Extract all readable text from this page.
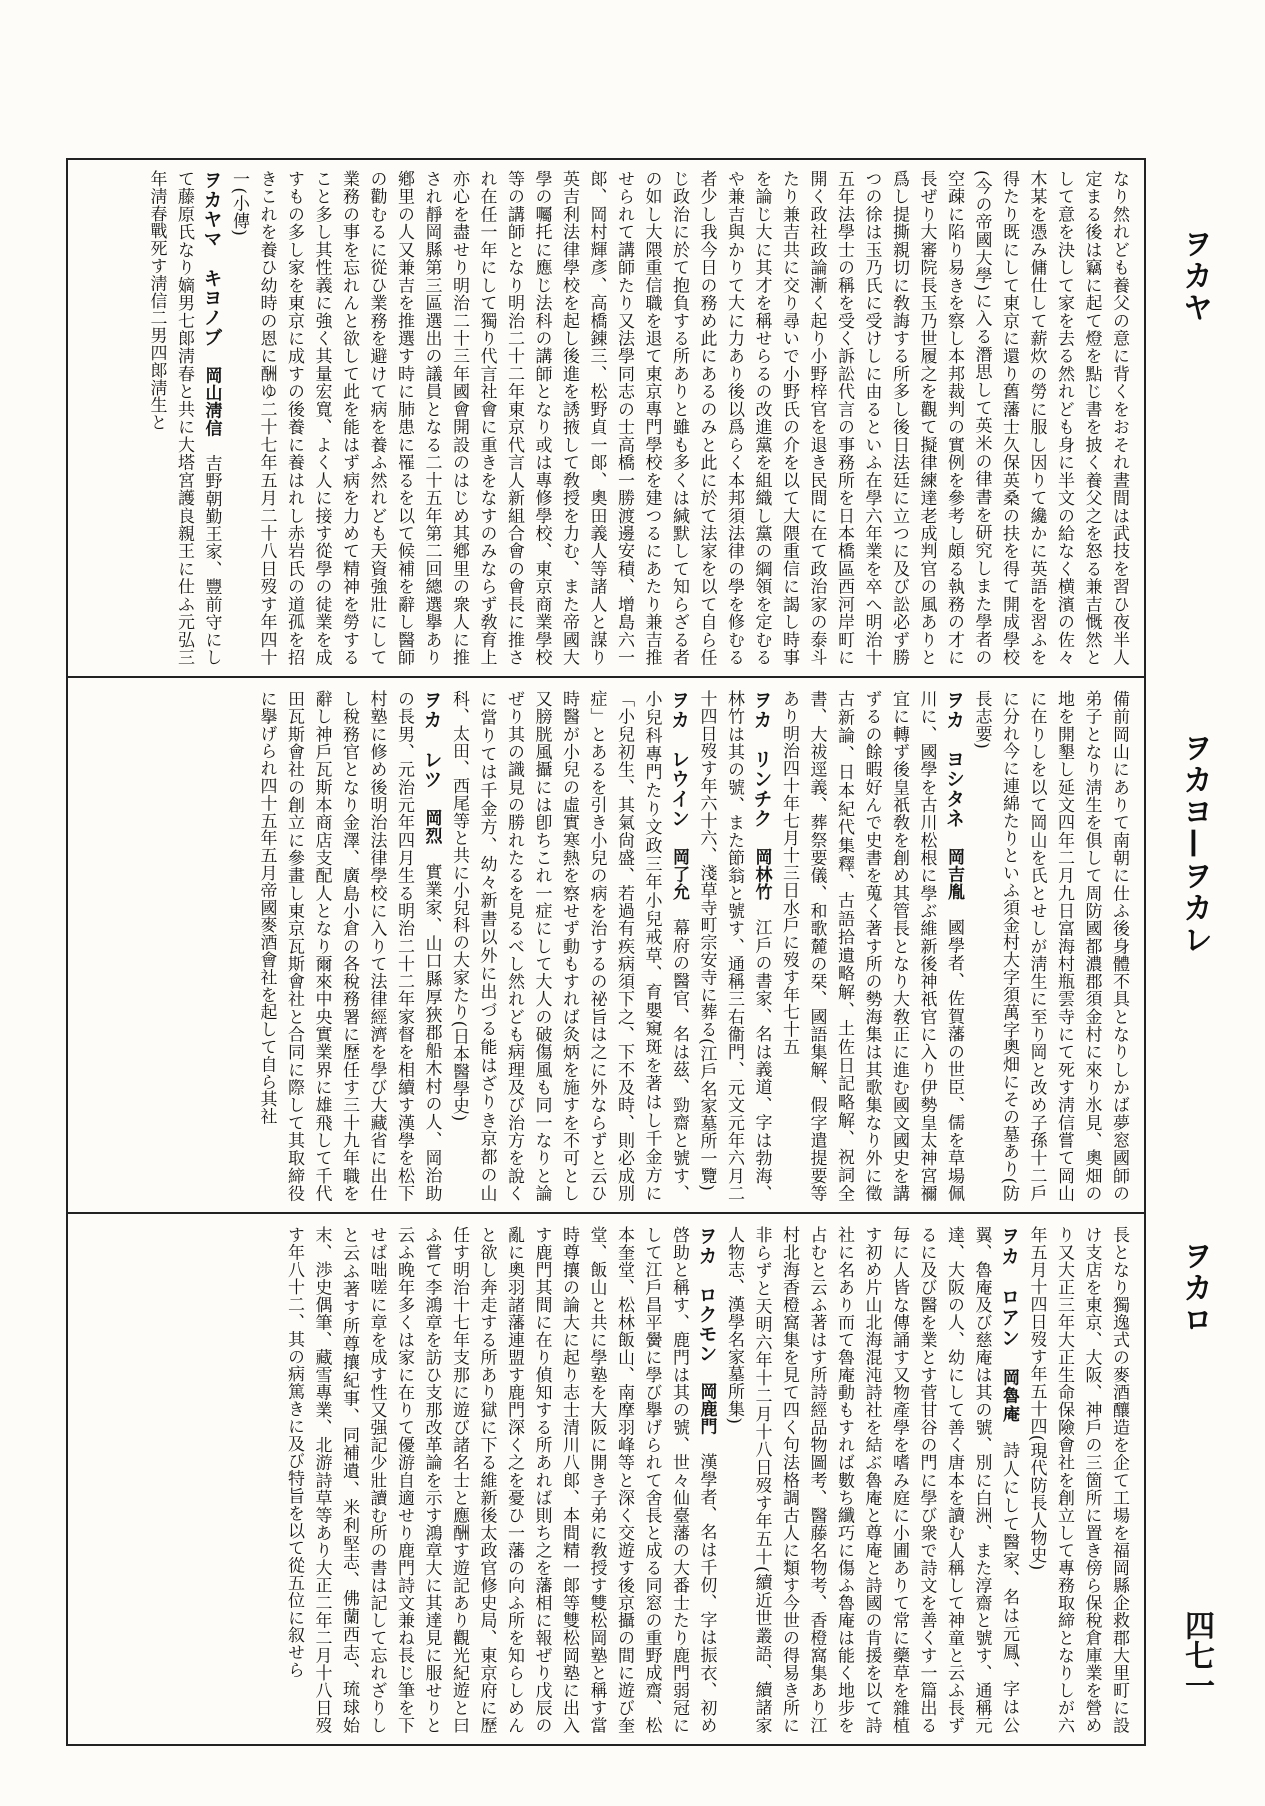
なり然れども養父の意に背くをおそれ晝間は武技を習ひ夜半人定まる後は竊に起て燈を點じ書を披く養父之を怒る兼吉慨然として意を決して家を去る然れども身に半文の給なく横濱の佐々木某を憑み傭仕して薪炊の勞に服し因りて纔かに英語を習ふを得たり既にして東京に還り舊藩士久保英桑の扶を得て開成學校(今の帝國大學)に入る潛思して英米の律書を研究しまた學者の空疎に陷り易きを察し本邦裁判の實例を參考し頗る執務の才に長ぜり大審院長玉乃世履之を觀て擬律練達老成判官の風ありと爲し提撕親切に敎誨する所多し後日法廷に立つに及び訟必ず勝つの徐は玉乃氏に受けしに由るといふ在學六年業を卒へ明治十五年法學士の稱を受く訴訟代言の事務所を日本橋區西河岸町に開く政社政論漸く起り小野梓官を退き民間に在て政治家の泰斗たり兼吉共に交り尋いで小野氏の介を以て大隈重信に謁し時事を論じ大に其才を稱せらるの改進黨を組織し黨の綱領を定むるや兼吉與かりて大に力あり後以爲らく本邦須法律の學を修むる者少し我今日の務め此にあるのみと此に於て法家を以て自ら任じ政治に於て抱負する所ありと雖も多くは緘默して知らざる者の如し大隈重信職を退て東京專門學校を建つるにあたり兼吉推せられて講師たり又法學同志の士高橋一勝渡邊安積、增島六一郞、岡村輝彥、高橋錬三、松野貞一郞、奧田義人等諸人と謀り英吉利法律學校を起し後進を誘掖して敎授を力む、また帝國大學の囑托に應じ法科の講師となり或は專修學校、東京商業學校等の講師となり明治二十二年東京代言人新組合會の會長に推され在任一年にして獨り代言社會に重きをなすのみならず敎育上亦心を盡せり明治二十三年國會開設のはじめ其鄕里の衆人に推され靜岡縣第三區選出の議員となる二十五年第二回總選擧あり鄕里の人又兼吉を推選す時に肺患に罹るを以て候補を辭し醫師の勸むるに從ひ業務を避けて病を養ふ然れども天資強壯にして業務の事を忘れんと欲して此を能はず病を力めて精神を勞すること多し其性義に強く其量宏寬、よく人に接す從學の徒業を成すもの多し家を東京に成すの後養に養はれし赤岩氏の道孤を招きこれを養ひ幼時の恩に酬ゆ二十七年五月二十八日歿す年四十一(小傳)
ヲカヤマ　キヨノブ　岡山淸信　吉野朝勤王家、豐前守にして藤原氏なり嫡男七郞淸春と共に大塔宮護良親王に仕ふ元弘三年淸春戰死す淸信二男四郞淸生と
備前岡山にありて南朝に仕ふ後身體不具となりしかば夢窓國師の弟子となり淸生を俱して周防國都濃郡須金村に來り氷見、奧畑の地を開墾し延文四年二月九日富海村瓶雲寺にて死す淸信嘗て岡山に在りしを以て岡山を氏とせしが淸生に至り岡と改め子孫十二戶に分れ今に連綿たりといふ須金村大字須萬字奧畑にその墓あり(防長志要)
ヲカ　ヨシタネ　岡吉胤　國學者、佐賀藩の世臣、儒を草場佩川に、國學を古川松根に學ぶ維新後神祇官に入り伊勢皇太神宮禰宜に轉ず後皇祇敎を創め其管長となり大敎正に進む國文國史を講ずるの餘暇好んで史書を蒐く著す所の勢海集は其歌集なり外に徵古新論、日本紀代集釋、古語拾遺略解、土佐日記略解、祝詞全書、大祓逕義、葬祭要儀、和歌麓の栞、國語集解、假字遣提要等あり明治四十年七月十三日水戶に歿す年七十五
ヲカ　リンチク　岡林竹　江戶の書家、名は義道、字は勃海、林竹は其の號、また節翁と號す、通稱三右衞門、元文元年六月二十四日歿す年六十六、淺草寺町宗安寺に葬る(江戶名家墓所一覽)
ヲカ　レウイン　岡了允　幕府の醫官、名は茲、勁齋と號す、小兒科專門たり文政三年小兒戒草、育嬰窺斑を著はし千金方に「小兒初生、其氣尙盛、若過有疾病須下之、下不及時、則必成別症」とあるを引き小兒の病を治するの祕旨は之に外ならずと云ひ時醫が小兒の虛實寒熱を察せず動もすれば灸炳を施すを不可とし又膀胱風攝には卽ちこれ一症にして大人の破傷風も同一なりと論ぜり其の識見の勝れたるを見るべし然れども病理及び治方を說くに當りては千金方、幼々新書以外に出づる能はざりき京都の山科、太田、西尾等と共に小兒科の大家たり(日本醫學史)
ヲカ　レツ　岡烈　實業家、山口縣厚狹郡船木村の人、岡治助の長男、元治元年四月生る明治二十二年家督を相續す漢學を松下村塾に修め後明治法律學校に入りて法律經濟を學び大藏省に出仕し稅務官となり金澤、廣島小倉の各稅務署に歷任す三十九年職を辭し神戶瓦斯本商店支配人となり爾來中央實業界に雄飛して千代田瓦斯會社の創立に參畫し東京瓦斯會社と合同に際して其取締役に擧げられ四十五年五月帝國麥酒會社を起して自ら其社
長となり獨逸式の麥酒釀造を企て工場を福岡縣企救郡大里町に設け支店を東京、大阪、神戶の三箇所に置き傍ら保稅倉庫業を營めり又大正三年大正生命保險會社を創立して專務取締となりしが六年五月十四日歿す年五十四(現代防長人物史)
ヲカ　ロアン　岡魯庵　詩人にして醫家、名は元鳳、字は公翼、魯庵及び慈庵は其の號、別に白洲、また淳齋と號す、通稱元達、大阪の人、幼にして善く唐本を讀む人稱して神童と云ふ長ずるに及び醫を業とす菅甘谷の門に學び衆で詩文を善くす一篇出る毎に人皆な傳誦す又物產學を嗜み庭に小圃ありて常に藥草を雜植す初め片山北海混沌詩社を結ぶ魯庵と尊庵と詩國の肯援を以て詩社に名あり而て魯庵動もすれば數ち纖巧に傷ふ魯庵は能く地步を占むと云ふ著はす所詩經品物圖考、醫藤名物考、香橙窩集あり江村北海香橙窩集を見て四く句法格調古人に類す今世の得易き所に非らずと天明六年十二月十八日歿す年五十(續近世叢語、續諸家人物志、漢學名家墓所集)
ヲカ　ロクモン　岡鹿門　漢學者、名は千仞、字は振衣、初め啓助と稱す、鹿門は其の號、世々仙臺藩の大番士たり鹿門弱冠にして江戶昌平黌に學び擧げられて舍長と成る同窓の重野成齋、松本奎堂、松林飯山、南摩羽峰等と深く交遊す後京攝の間に遊び奎堂、飯山と共に學塾を大阪に開き子弟に敎授す雙松岡塾と稱す當時尊攘の論大に起り志士清川八郞、本間精一郞等雙松岡塾に出入す鹿門其間に在り偵知する所あれば則ち之を藩相に報ぜり戊辰の亂に奧羽諸藩連盟す鹿門深く之を憂ひ一藩の向ふ所を知らしめんと欲し奔走する所あり獄に下る維新後太政官修史局、東京府に歷任す明治十七年支那に遊び諸名士と應酬す遊記あり觀光紀遊と曰ふ嘗て李鴻章を訪ひ支那改革論を示す鴻章大に其達見に服せりと云ふ晚年多くは家に在りて優游自適せり鹿門詩文兼ね長じ筆を下せば咄嗟に章を成す性又强記少壯讀む所の書は記して忘れざりしと云ふ著す所尊攘紀事、同補遺、米利堅志、佛蘭西志、琉球始末、渉史偶筆、藏雪專業、北游詩草等あり大正二年二月十八日歿す年八十二、其の病篤きに及び特旨を以て從五位に叙せら
ヲカヤ
ヲカヨ—ヲカレ
ヲカロ
四七一
